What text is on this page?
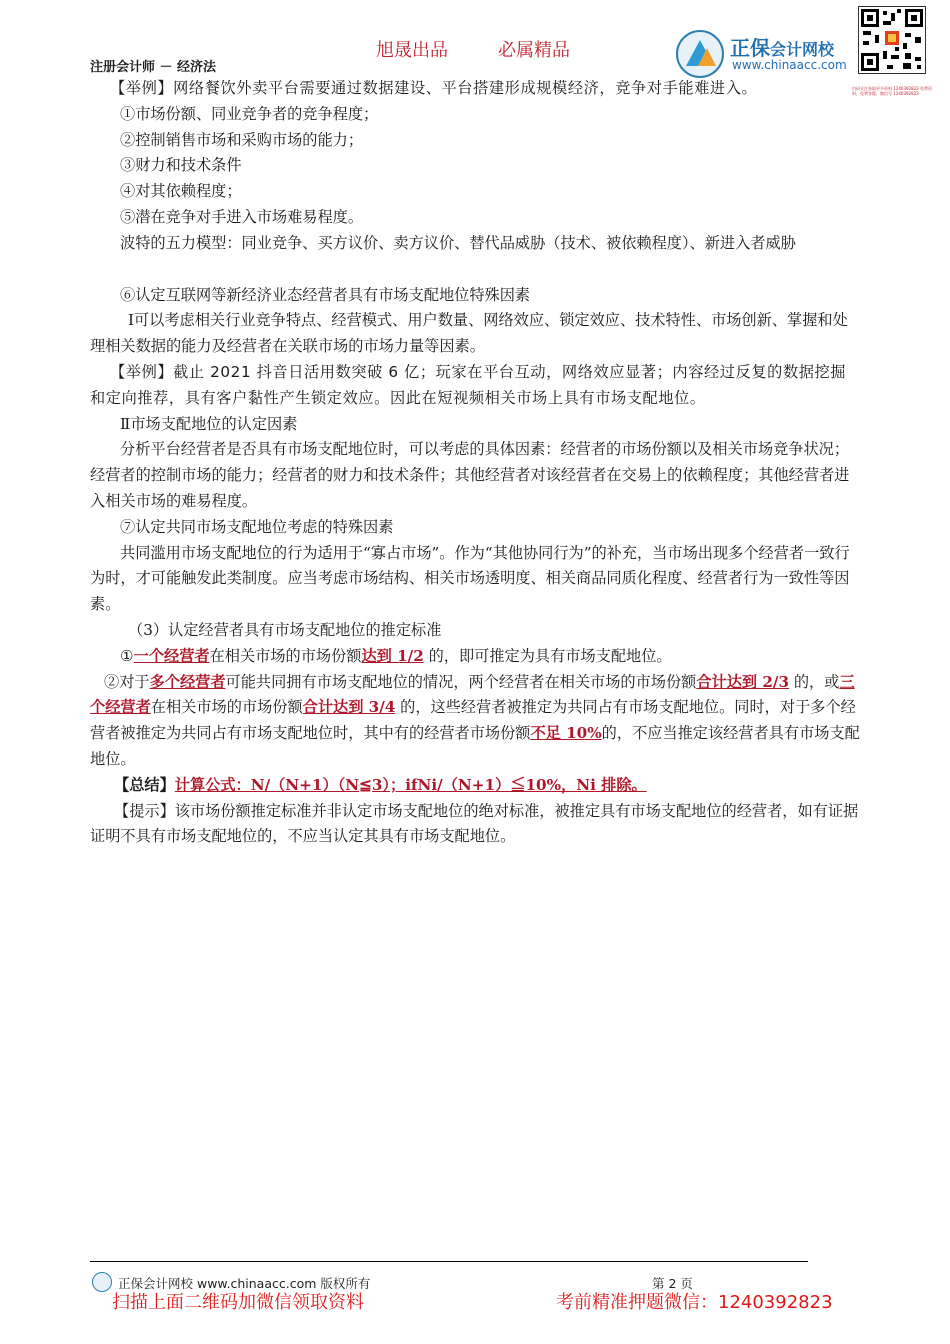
旭晟出品	必属精品
注册会计师 － 经济法
正保会计网校
www.chinaacc.com
扫码关注获取更多资料 1240392823 免费资料，免费答疑，微信号 1240392823

【举例】网络餐饮外卖平台需要通过数据建设、平台搭建形成规模经济，竞争对手能难进入。

①市场份额、同业竞争者的竞争程度；

②控制销售市场和采购市场的能力；

③财力和技术条件

④对其依赖程度；

⑤潜在竞争对手进入市场难易程度。

波特的五力模型：同业竞争、买方议价、卖方议价、替代品威胁（技术、被依赖程度）、新进入者威胁

⑥认定互联网等新经济业态经营者具有市场支配地位特殊因素

Ⅰ可以考虑相关行业竞争特点、经营模式、用户数量、网络效应、锁定效应、技术特性、市场创新、掌握和处理相关数据的能力及经营者在关联市场的市场力量等因素。

【举例】截止 2021 抖音日活用数突破 6 亿；玩家在平台互动，网络效应显著；内容经过反复的数据挖掘和定向推荐，具有客户黏性产生锁定效应。因此在短视频相关市场上具有市场支配地位。

Ⅱ市场支配地位的认定因素

分析平台经营者是否具有市场支配地位时，可以考虑的具体因素：经营者的市场份额以及相关市场竞争状况；经营者的控制市场的能力；经营者的财力和技术条件；其他经营者对该经营者在交易上的依赖程度；其他经营者进入相关市场的难易程度。

⑦认定共同市场支配地位考虑的特殊因素

共同滥用市场支配地位的行为适用于“寡占市场”。作为“其他协同行为”的补充，当市场出现多个经营者一致行为时，才可能触发此类制度。应当考虑市场结构、相关市场透明度、相关商品同质化程度、经营者行为一致性等因素。

（3）认定经营者具有市场支配地位的推定标准

①一个经营者在相关市场的市场份额达到 1/2 的，即可推定为具有市场支配地位。

②对于多个经营者可能共同拥有市场支配地位的情况，两个经营者在相关市场的市场份额合计达到 2/3 的，或三个经营者在相关市场的市场份额合计达到 3/4 的，这些经营者被推定为共同占有市场支配地位。同时，对于多个经营者被推定为共同占有市场支配地位时，其中有的经营者市场份额不足 10%的，不应当推定该经营者具有市场支配地位。

【总结】计算公式：N/（N+1）（N≦3）；ifNi/（N+1）≦10%，Ni 排除。

【提示】该市场份额推定标准并非认定市场支配地位的绝对标准，被推定具有市场支配地位的经营者，如有证据证明不具有市场支配地位的，不应当认定其具有市场支配地位。

正保会计网校 www.chinaacc.com 版权所有	第 2 页
扫描上面二维码加微信领取资料	考前精准押题微信：1240392823
